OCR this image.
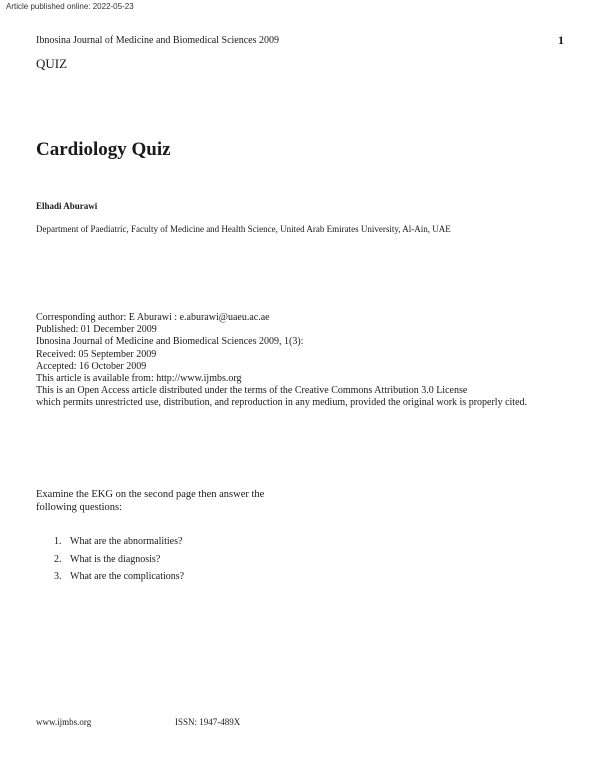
Article published online: 2022-05-23
Ibnosina Journal of Medicine and Biomedical Sciences 2009	1
QUIZ
Cardiology Quiz
Elhadi Aburawi
Department of Paediatric, Faculty of Medicine and Health Science, United Arab Emirates University, Al-Ain, UAE
Corresponding author: E Aburawi : e.aburawi@uaeu.ac.ae
Published: 01 December 2009
Ibnosina Journal of Medicine and Biomedical Sciences 2009, 1(3):
Received: 05 September 2009
Accepted: 16 October 2009
This article is available from: http://www.ijmbs.org
This is an Open Access article distributed under the terms of the Creative Commons Attribution 3.0 License
which permits unrestricted use, distribution, and reproduction in any medium, provided the original work is properly cited.
Examine the EKG on the second page then answer the
following questions:
1. What are the abnormalities?
2. What is the diagnosis?
3. What are the complications?
www.ijmbs.org	ISSN: 1947-489X
